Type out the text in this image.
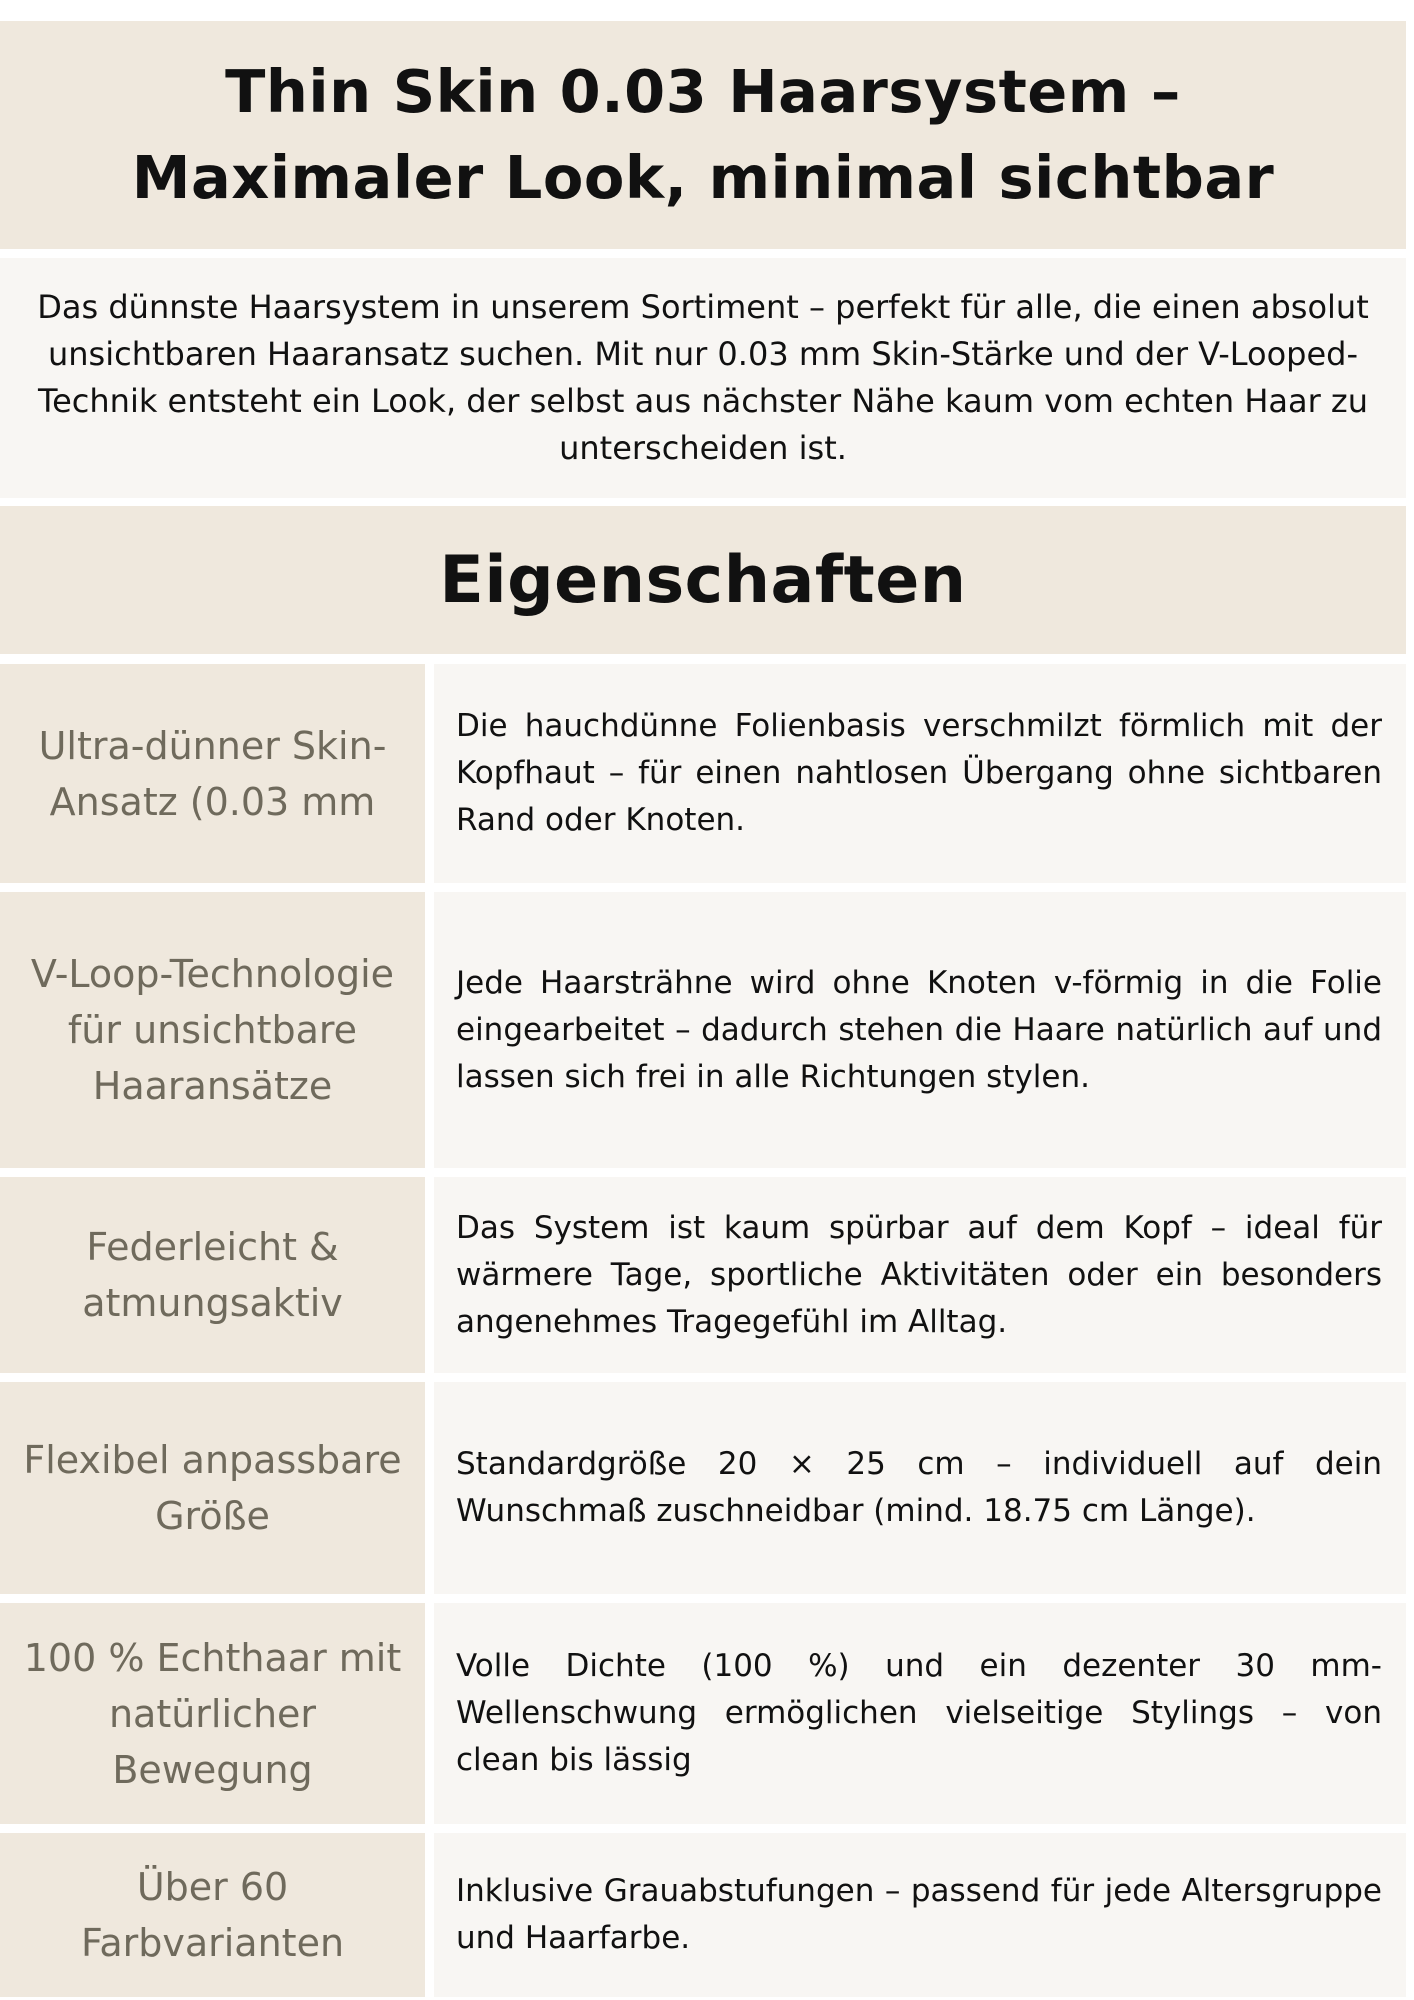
Thin Skin 0.03 Haarsystem – Maximaler Look, minimal sichtbar

Das dünnste Haarsystem in unserem Sortiment – perfekt für alle, die einen absolut unsichtbaren Haaransatz suchen. Mit nur 0.03 mm Skin-Stärke und der V-Looped-Technik entsteht ein Look, der selbst aus nächster Nähe kaum vom echten Haar zu unterscheiden ist.

Eigenschaften
Ultra-dünner Skin-Ansatz (0.03 mm

Die hauchdünne Folienbasis verschmilzt förmlich mit der Kopfhaut – für einen nahtlosen Übergang ohne sichtbaren Rand oder Knoten.

V-Loop-Technologie für unsichtbare Haaransätze

Jede Haarsträhne wird ohne Knoten v-förmig in die Folie eingearbeitet – dadurch stehen die Haare natürlich auf und lassen sich frei in alle Richtungen stylen.

Federleicht & atmungsaktiv

Das System ist kaum spürbar auf dem Kopf – ideal für wärmere Tage, sportliche Aktivitäten oder ein besonders angenehmes Tragegefühl im Alltag.

Flexibel anpassbare Größe

Standardgröße 20 × 25 cm – individuell auf dein Wunschmaß zuschneidbar (mind. 18.75 cm Länge).

100 % Echthaar mit natürlicher Bewegung

Volle Dichte (100 %) und ein dezenter 30 mm-Wellenschwung ermöglichen vielseitige Stylings – von clean bis lässig

Über 60 Farbvarianten

Inklusive Grauabstufungen – passend für jede Altersgruppe und Haarfarbe.
